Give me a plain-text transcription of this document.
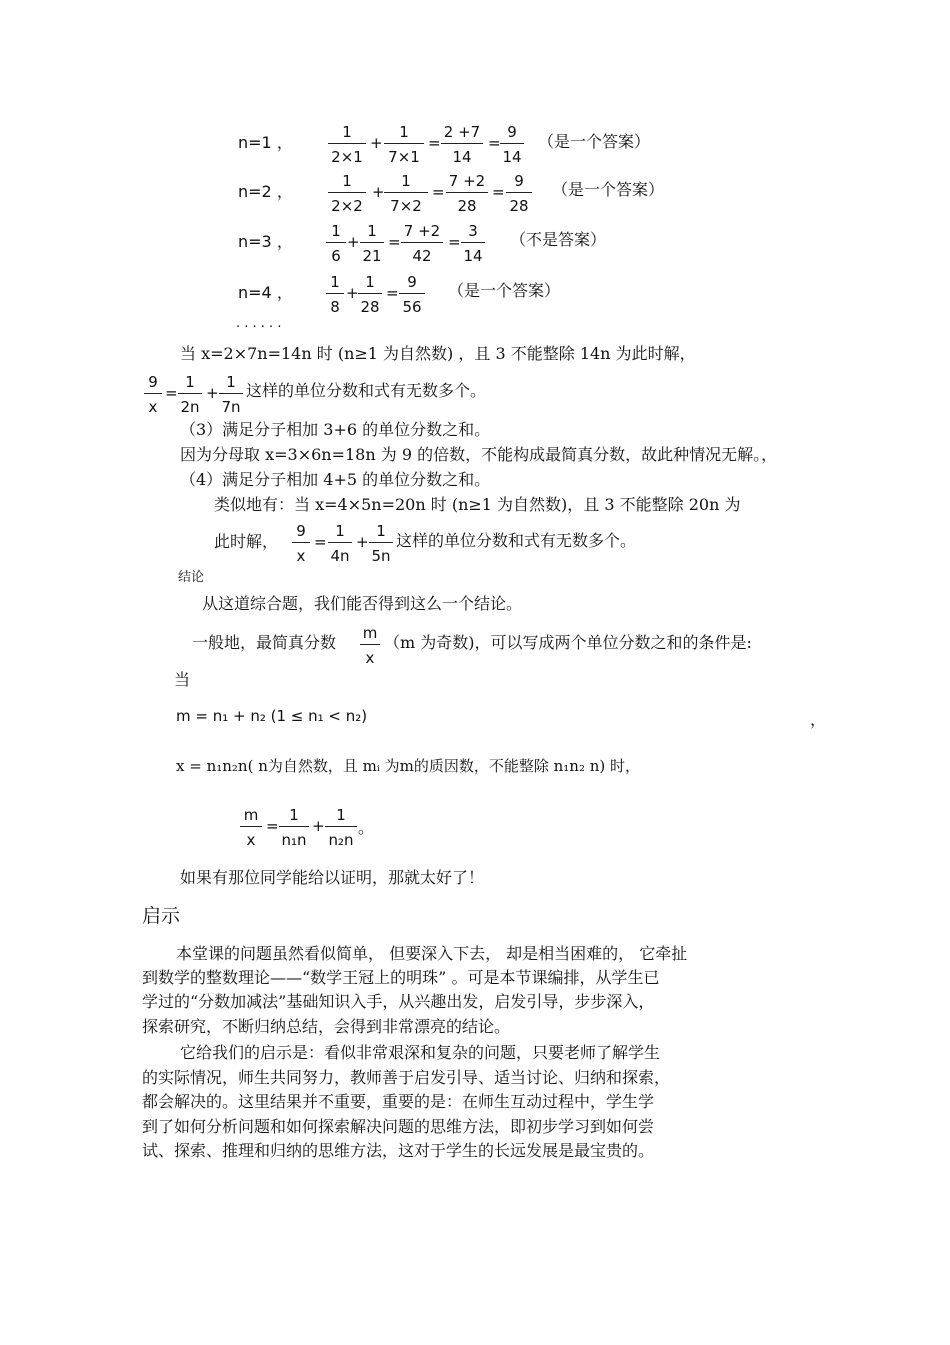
n=1 ， $\frac{1}{2\times 1} + \frac{1}{7\times 1} = \frac{2 +7}{14} = \frac{9}{14}$ （是一个答案）
n=2 ， $\frac{1}{2\times 2} + \frac{1}{7\times 2} = \frac{7 +2}{28} = \frac{9}{28}$ （是一个答案）
n=3 ， $\frac{1}{6} + \frac{1}{21} = \frac{7 +2}{42} = \frac{3}{14}$ （不是答案）
n=4 ， $\frac{1}{8} + \frac{1}{28} = \frac{9}{56}$ （是一个答案）
· · · · · ·
当 x=2×7n=14n 时 (n≥1 为自然数) ，且 3 不能整除 14n 为此时解，
$\frac{9}{x} = \frac{1}{2n} + \frac{1}{7n}$ 这样的单位分数和式有无数多个。
（3）满足分子相加 3+6 的单位分数之和。
因为分母取 x=3×6n=18n 为 9 的倍数，不能构成最简真分数，故此种情况无解。，
（4）满足分子相加 4+5 的单位分数之和。
类似地有：当 x=4×5n=20n 时 (n≥1 为自然数)，且 3 不能整除 20n 为
此时解， $\frac{9}{x} = \frac{1}{4n} + \frac{1}{5n}$ 这样的单位分数和式有无数多个。
结论
从这道综合题，我们能否得到这么一个结论。
一般地，最简真分数 $\frac{m}{x} (m$ 为奇数)，可以写成两个单位分数之和的条件是:
当
m = n₁ + n₂ (1 ≤ n₁ < n₂)	，
x = n₁n₂n( n为自然数，且 mᵢ 为m的质因数，不能整除 n₁n₂ n) 时，
$\frac{m}{x} = \frac{1}{\text{n₁n}} + \frac{1}{\text{n₂n}}$ 。
如果有那位同学能给以证明，那就太好了！
启示
本堂课的问题虽然看似简单， 但要深入下去， 却是相当困难的， 它牵扯
到数学的整数理论——“数学王冠上的明珠” 。可是本节课编排，从学生已
学过的“分数加减法”基础知识入手，从兴趣出发，启发引导，步步深入，
探索研究，不断归纳总结，会得到非常漂亮的结论。
它给我们的启示是：看似非常艰深和复杂的问题，只要老师了解学生
的实际情况，师生共同努力，教师善于启发引导、适当讨论、归纳和探索，
都会解决的。这里结果并不重要，重要的是：在师生互动过程中，学生学
到了如何分析问题和如何探索解决问题的思维方法，即初步学习到如何尝
试、探索、推理和归纳的思维方法，这对于学生的长远发展是最宝贵的。
